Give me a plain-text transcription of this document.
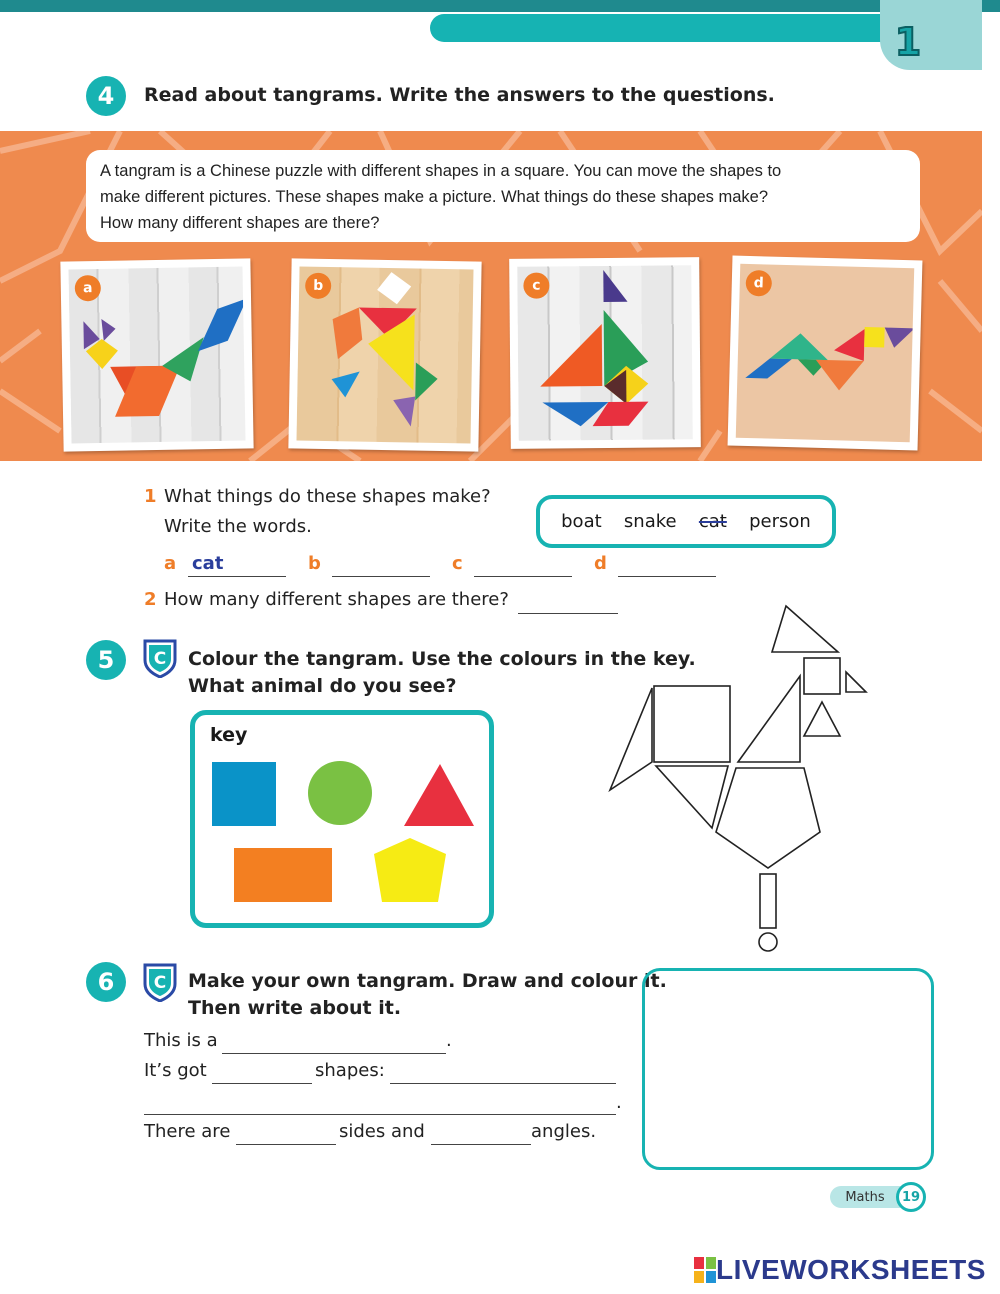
1
4	Read about tangrams. Write the answers to the questions.
A tangram is a Chinese puzzle with different shapes in a square. You can move the shapes to
make different pictures. These shapes make a picture. What things do these shapes make?
How many different shapes are there?
a	b	c	d
1 What things do these shapes make?
Write the words.	boat snake cat person
a cat	b	c	d
2 How many different shapes are there?
5	C Colour the tangram. Use the colours in the key.
What animal do you see?
key
6	C Make your own tangram. Draw and colour it.
Then write about it.
This is a	.
It’s got	shapes:
.
There are	sides and	angles.
Maths	19
LIVEWORKSHEETS
